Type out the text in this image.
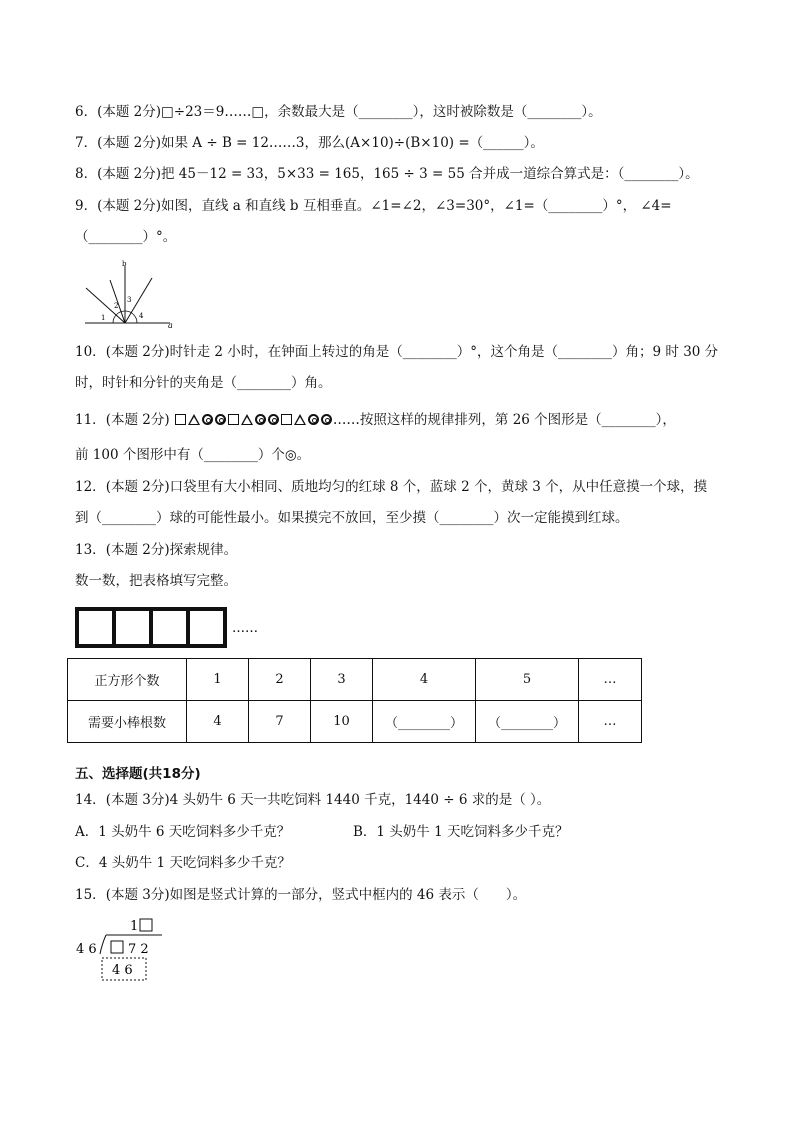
6．(本题 2分)□÷23＝9……□，余数最大是（________），这时被除数是（________）。
7．(本题 2分)如果 A ÷ B = 12……3，那么(A×10)÷(B×10) =（______）。
8．(本题 2分)把 45－12 = 33，5×33 = 165，165 ÷ 3 = 55 合并成一道综合算式是：（________）。
9．(本题 2分)如图，直线 a 和直线 b 互相垂直。∠1=∠2，∠3=30°，∠1=（________）°， ∠4=
（________）°。
b
a
1
2
3
4
10．(本题 2分)时针走 2 小时，在钟面上转过的角是（________）°，这个角是（________）角；9 时 30 分
时，时针和分针的夹角是（________）角。
11．(本题 2分)	……按照这样的规律排列，第 26 个图形是（________），
前 100 个图形中有（________）个◎。
12．(本题 2分)口袋里有大小相同、质地均匀的红球 8 个，蓝球 2 个，黄球 3 个，从中任意摸一个球，摸
到（________）球的可能性最小。如果摸完不放回，至少摸（________）次一定能摸到红球。
13．(本题 2分)探索规律。
数一数，把表格填写完整。
……
正方形个数	1	2	3	4	5	…
需要小棒根数	4	7	10	（________）	（________）	…
五、选择题(共18分)
14．(本题 3分)4 头奶牛 6 天一共吃饲料 1440 千克，1440 ÷ 6 求的是（ ）。
A．1 头奶牛 6 天吃饲料多少千克？	B．1 头奶牛 1 天吃饲料多少千克？
C．4 头奶牛 1 天吃饲料多少千克？
15．(本题 3分)如图是竖式计算的一部分，竖式中框内的 46 表示（　　）。
1
4 6 7 2
4 6
